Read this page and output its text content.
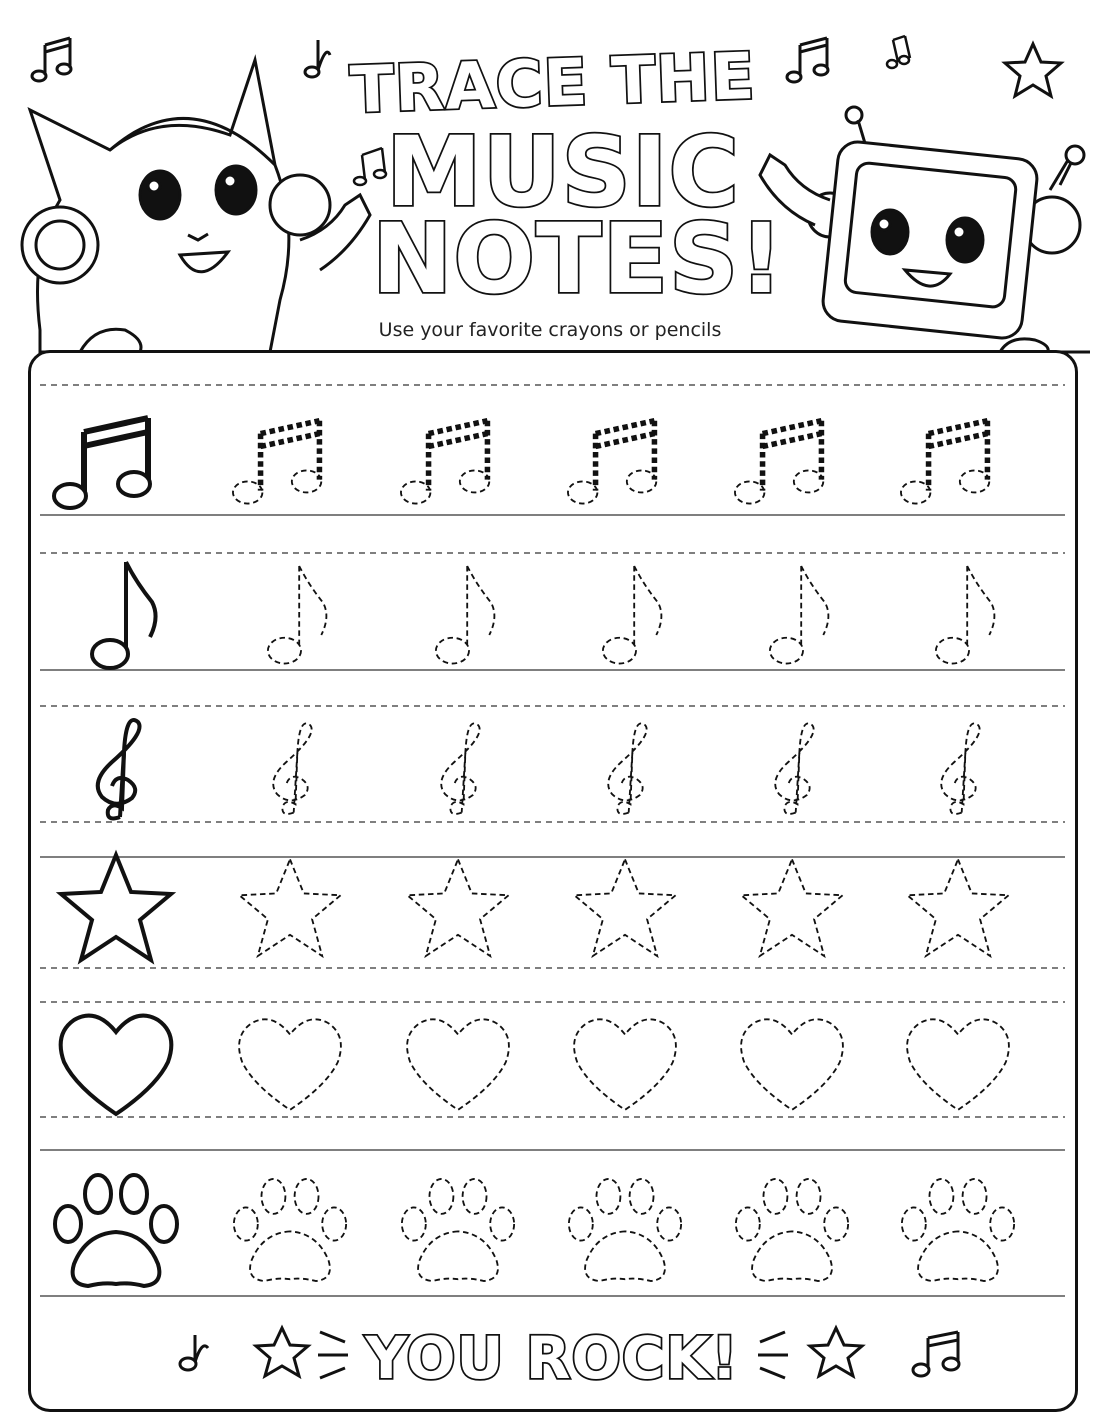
TRACE THE
MUSIC
NOTES!
Use your favorite crayons or pencils
YOU ROCK!
